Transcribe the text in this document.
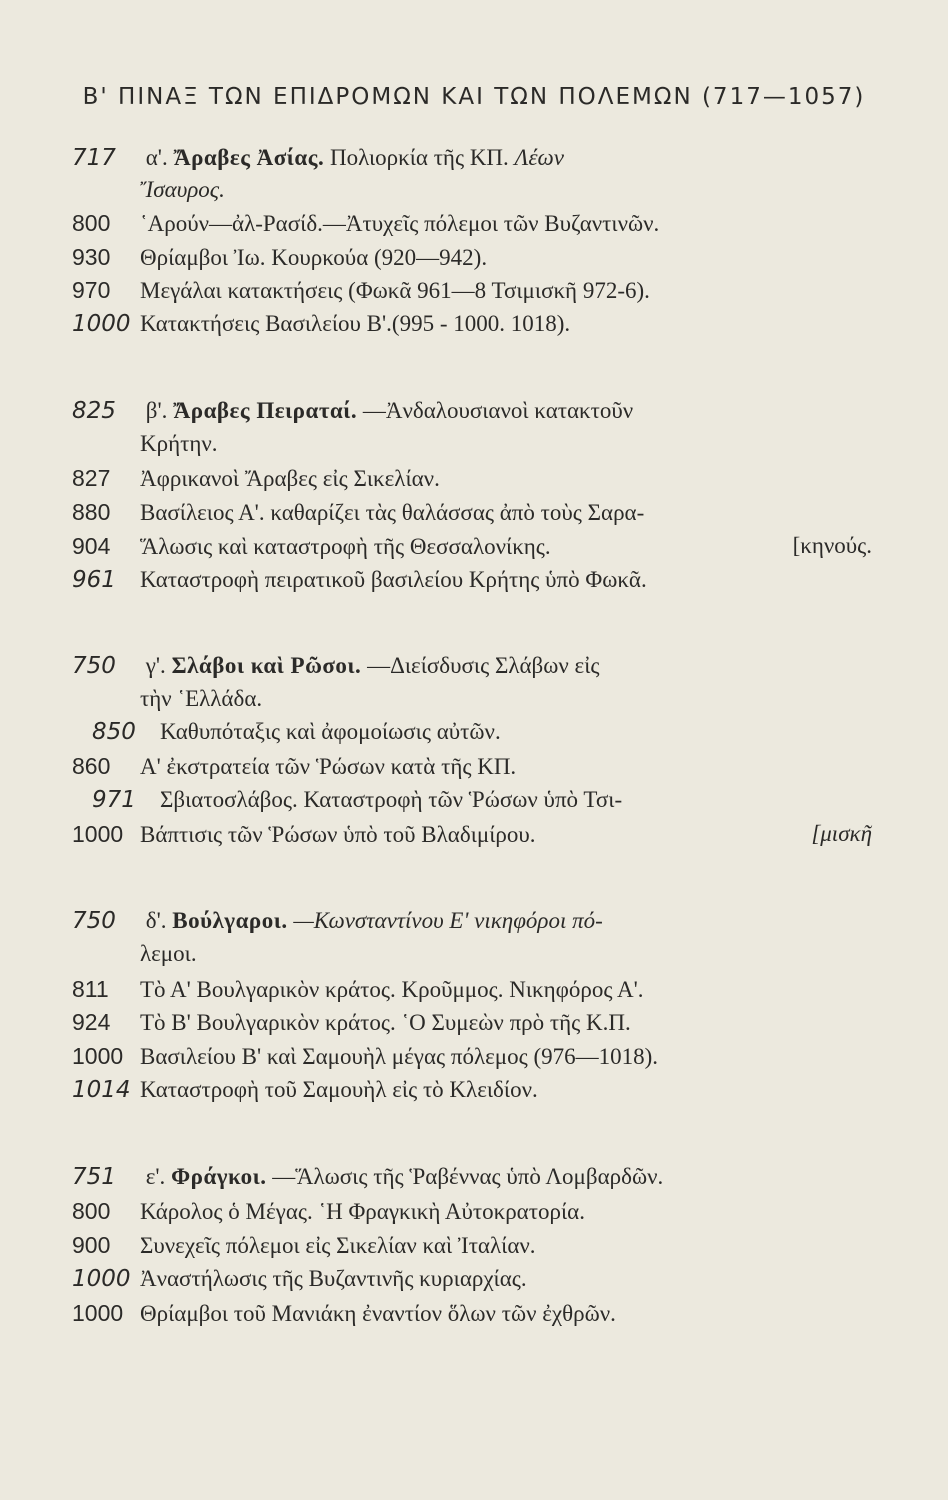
Β' ΠΙΝΑΞ ΤΩΝ ΕΠΙΔΡΟΜΩΝ ΚΑΙ ΤΩΝ ΠΟΛΕΜΩΝ (717—1057)
717 α'. Ἄραβες Ἀσίας. Πολιορκία τῆς ΚΠ. Λέων
Ἴσαυρος.
800 ῾Αρούν—ἀλ-Ρασίδ.—Ἀτυχεῖς πόλεμοι τῶν Βυζαντινῶν.
930 Θρίαμβοι Ἰω. Κουρκούα (920—942).
970 Μεγάλαι κατακτήσεις (Φωκᾶ 961—8 Τσιμισκῆ 972-6).
1000 Κατακτήσεις Βασιλείου Β'.(995 - 1000. 1018).
825 β'. Ἄραβες Πειραταί. —Ἀνδαλουσιανοὶ κατακτοῦν
Κρήτην.
827 Ἀφρικανοὶ Ἄραβες εἰς Σικελίαν.
880 Βασίλειος Α'. καθαρίζει τὰς θαλάσσας ἀπὸ τοὺς Σαρα-
904 Ἅλωσις καὶ καταστροφὴ τῆς Θεσσαλονίκης.	[κηνούς.
961 Καταστροφὴ πειρατικοῦ βασιλείου Κρήτης ὑπὸ Φωκᾶ.
750 γ'. Σλάβοι καὶ Ρῶσοι. —Διείσδυσις Σλάβων εἰς
τὴν ῾Ελλάδα.
850 Καθυπόταξις καὶ ἀφομοίωσις αὐτῶν.
860 Α' ἐκστρατεία τῶν Ῥώσων κατὰ τῆς ΚΠ.
971 Σβιατοσλάβος. Καταστροφὴ τῶν Ῥώσων ὑπὸ Τσι-
1000 Βάπτισις τῶν Ῥώσων ὑπὸ τοῦ Βλαδιμίρου.	[μισκῆ
750 δ'. Βούλγαροι. —Κωνσταντίνου Ε' νικηφόροι πό-
λεμοι.
811 Τὸ Α' Βουλγαρικὸν κράτος. Κροῦμμος. Νικηφόρος Α'.
924 Τὸ Β' Βουλγαρικὸν κράτος. ῾Ο Συμεὼν πρὸ τῆς Κ.Π.
1000 Βασιλείου Β' καὶ Σαμουὴλ μέγας πόλεμος (976—1018).
1014 Καταστροφὴ τοῦ Σαμουὴλ εἰς τὸ Κλειδίον.
751 ε'. Φράγκοι. —Ἅλωσις τῆς Ῥαβέννας ὑπὸ Λομβαρδῶν.
800 Κάρολος ὁ Μέγας. ῾Η Φραγκικὴ Αὐτοκρατορία.
900 Συνεχεῖς πόλεμοι εἰς Σικελίαν καὶ Ἰταλίαν.
1000 Ἀναστήλωσις τῆς Βυζαντινῆς κυριαρχίας.
1000 Θρίαμβοι τοῦ Μανιάκη ἐναντίον ὅλων τῶν ἐχθρῶν.
